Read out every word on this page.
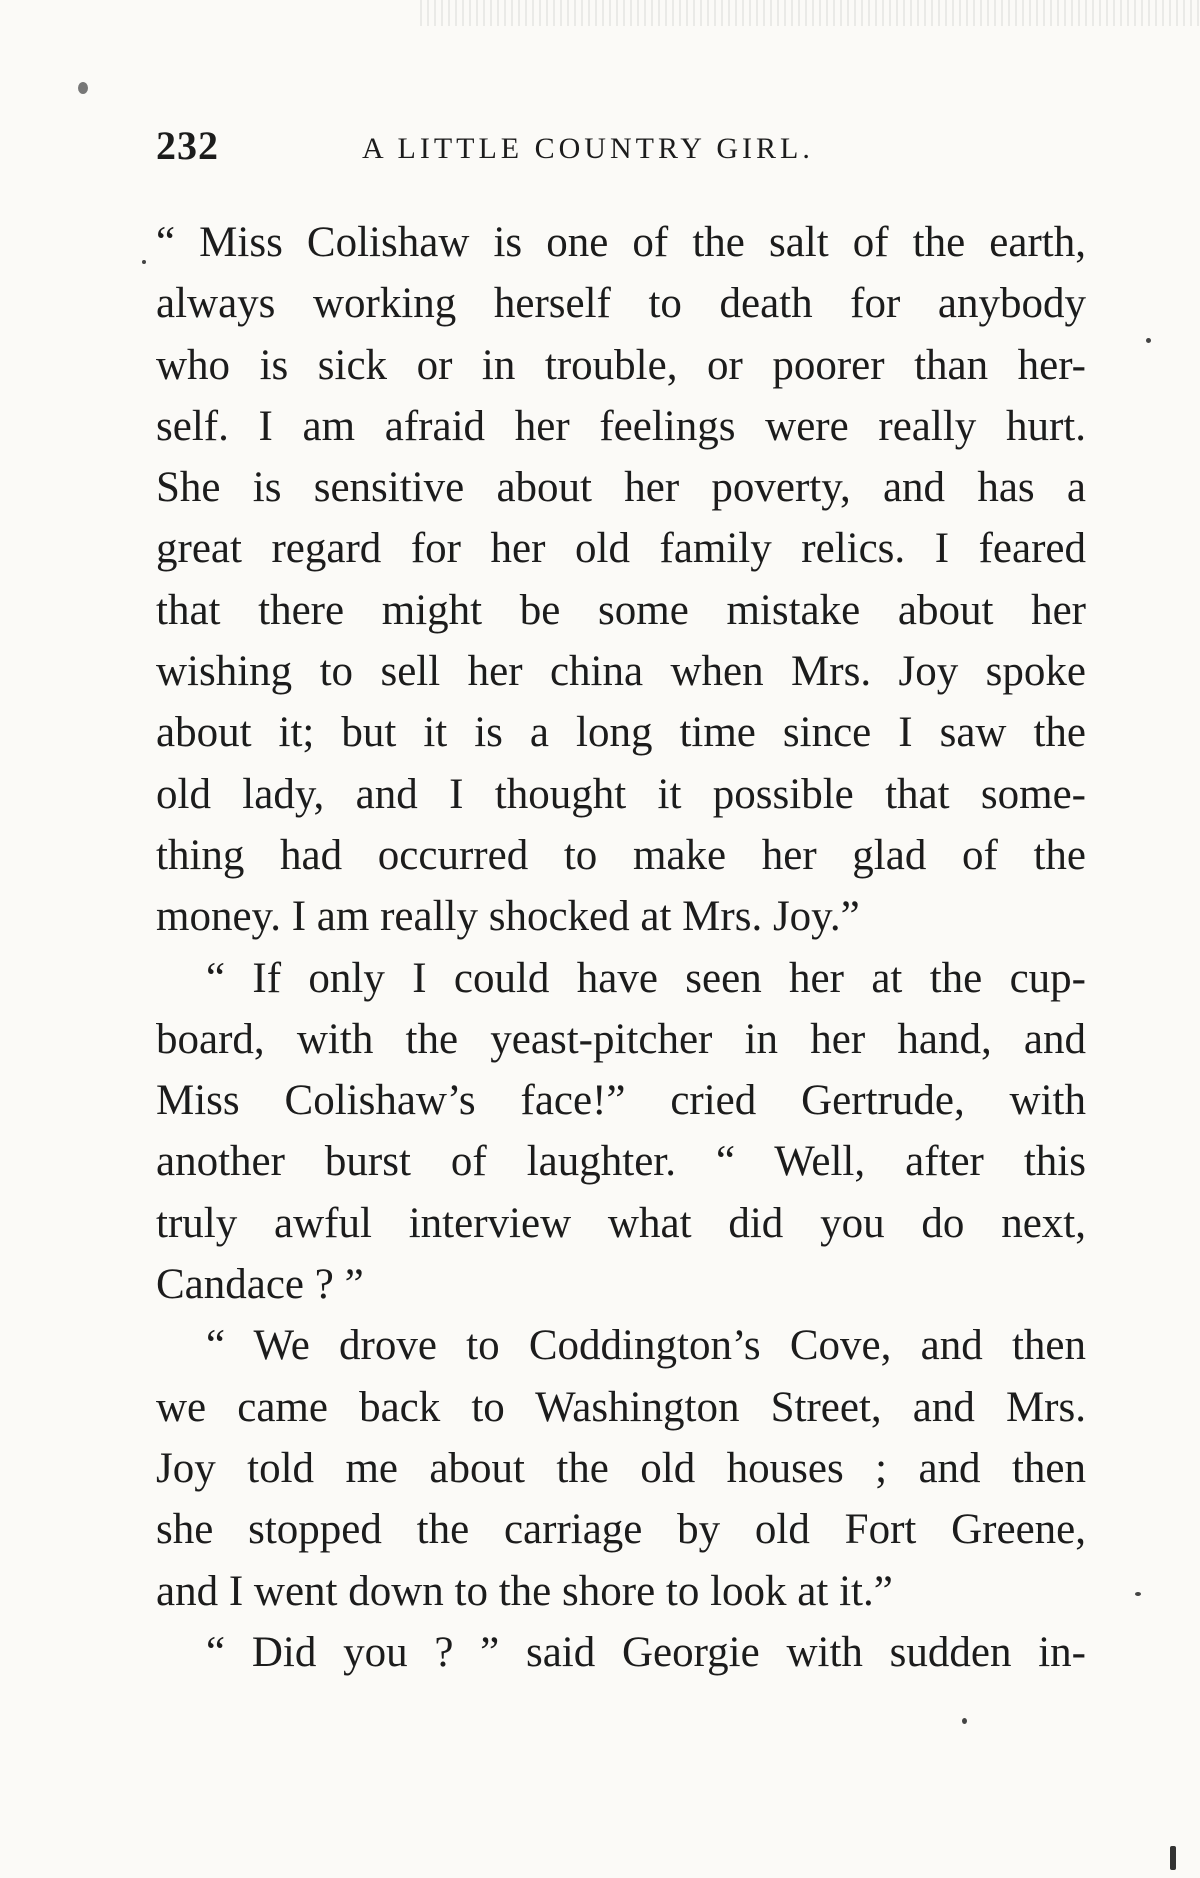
232	A LITTLE COUNTRY GIRL.
“ Miss Colishaw is one of the salt of the earth,
always working herself to death for anybody
who is sick or in trouble, or poorer than her-
self. I am afraid her feelings were really hurt.
She is sensitive about her poverty, and has a
great regard for her old family relics. I feared
that there might be some mistake about her
wishing to sell her china when Mrs. Joy spoke
about it; but it is a long time since I saw the
old lady, and I thought it possible that some-
thing had occurred to make her glad of the
money. I am really shocked at Mrs. Joy.”
“ If only I could have seen her at the cup-
board, with the yeast-pitcher in her hand, and
Miss Colishaw’s face!” cried Gertrude, with
another burst of laughter. “ Well, after this
truly awful interview what did you do next,
Candace ? ”
“ We drove to Coddington’s Cove, and then
we came back to Washington Street, and Mrs.
Joy told me about the old houses ; and then
she stopped the carriage by old Fort Greene,
and I went down to the shore to look at it.”
“ Did you ? ” said Georgie with sudden in-
